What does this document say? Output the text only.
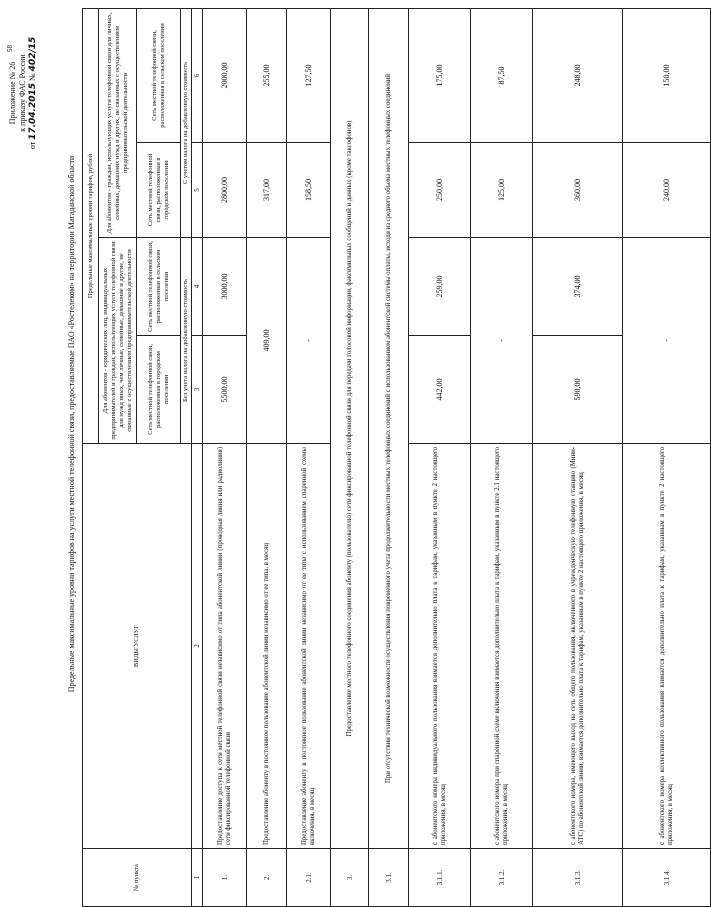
58
Приложение № 26 к приказу ФАС России
от 17.04.2015 № 402/15
Предельные максимальные уровни тарифов на услуги местной телефонной связи, предоставляемые ПАО «Ростелеком» на территории Магаданской области
№ пункта	ВИДЫ УСЛУГ	Предельные максимальные уровни тарифов, рублей			
		Для абонентов - юридических лиц, индивидуальных предпринимателей и граждан, использующих услуги телефонной связи для нужд иных, чем личные, семейные, домашние и другие, не связанные с осуществлением предпринимательской деятельности		Для абонентов - граждан, использующих услуги телефонной связи для личных, семейных, домашних нужд и других, не связанных с осуществлением предпринимательской деятельности	
		Сеть местной телефонной связи, расположенная в городском поселении	Сеть местной телефонной связи, расположенная в сельском поселении	Сеть местной телефонной связи, расположенная в городском поселении	Сеть местной телефонной связи, расположенная в сельском поселении
		Без учета налога на добавленную стоимость		С учетом налога на добавленную стоимость	
1	2	3	4	5	6
1.	Предоставление доступа к сети местной телефонной связи независимо от типа абонентской линии (проводная линия или радиолиния) сети фиксированной телефонной связи	5500,00	3000,00	2800,00	2000,00
2.	Предоставление абоненту в постоянное пользование абонентской линии независимо от ее типа, в месяц	409,00		317,00	255,00
2.1.	Предоставление абоненту в постоянное пользование абонентской линии независимо от ее типа с использованием спаренной схемы включения, в месяц	-		158,50	127,50
3.	Предоставление местного телефонного соединения абоненту (пользователю) сети фиксированной телефонной связи для передачи голосовой информации, факсимильных сообщений и данных (кроме таксофонов)				
3.1.	При отсутствии технической возможности осуществления повременного учета продолжительности местных телефонных соединений с использованием абонентской системы оплаты, исходя из среднего объема местных телефонных соединений				
3.1.1.	с абонентского номера индивидуального пользования взимается дополнительно плата к тарифам, указанным в пункте 2 настоящего приложения, в месяц	442,00	259,00	250,00	175,00
3.1.2.	с абонентского номера при спаренной схеме включения взимается дополнительно плата к тарифам, указанным в пункте 2.1 настоящего приложения, в месяц	-		125,00	87,50
3.1.3.	с абонентского номера, имеющего выход на сеть общего пользования, включенного в учрежденческую телефонную станцию (Мини-АТС) по абонентской линии, взимается дополнительно плата к тарифам, указанным в пункте 2 настоящего приложения, в месяц	590,00	374,00	360,00	248,00
3.1.4.	с абонентского номера коллективного пользования взимается дополнительно плата к тарифам, указанным в пункте 2 настоящего приложения, в месяц	-		240,00	150,00
